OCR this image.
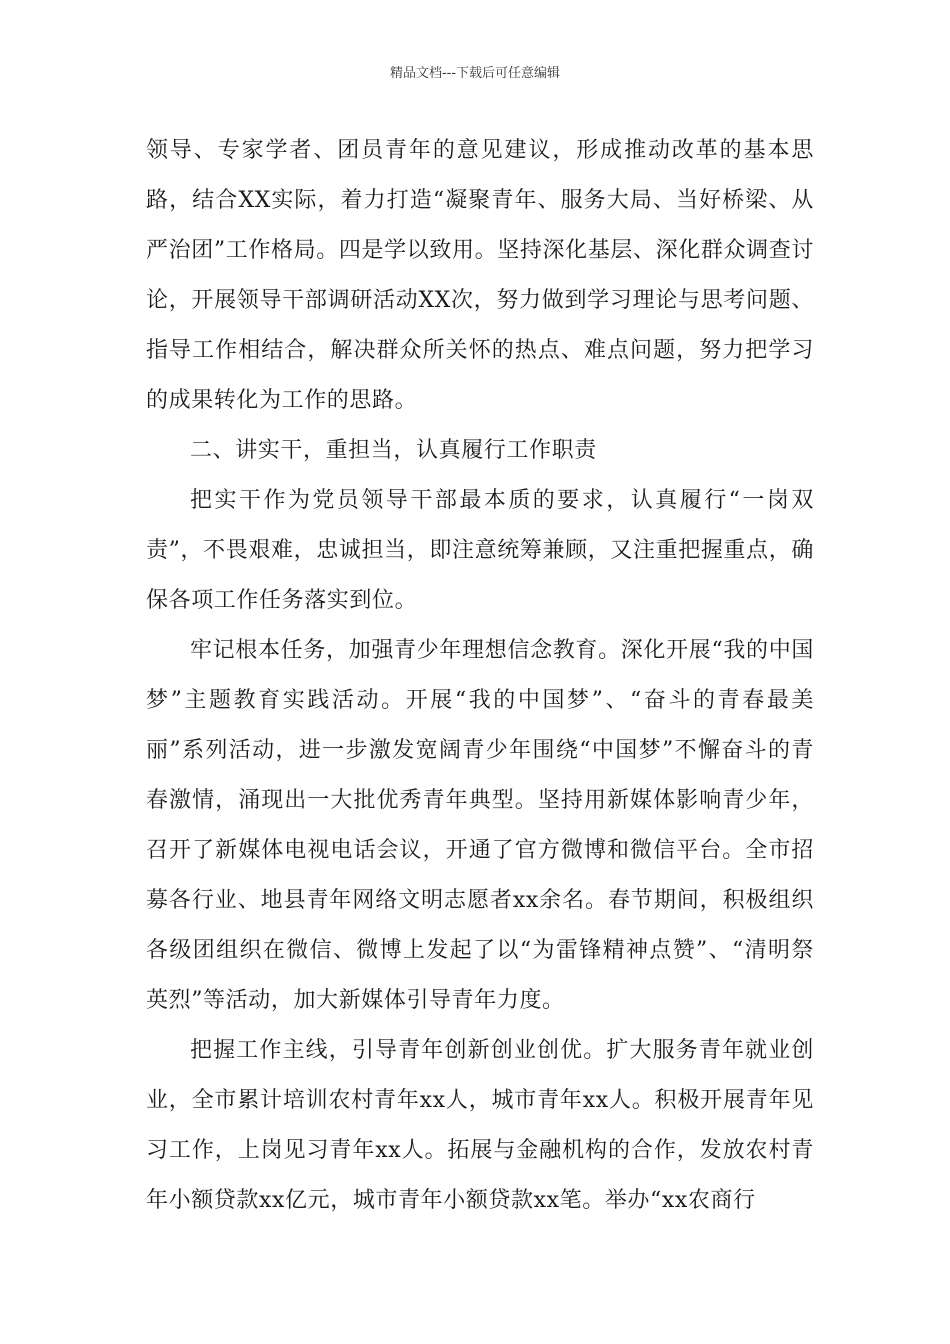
精品文档---下载后可任意编辑

领导、专家学者、团员青年的意见建议，形成推动改革的基本思路，结合XX实际，着力打造“凝聚青年、服务大局、当好桥梁、从严治团”工作格局。四是学以致用。坚持深化基层、深化群众调查讨论，开展领导干部调研活动XX次，努力做到学习理论与思考问题、指导工作相结合，解决群众所关怀的热点、难点问题，努力把学习的成果转化为工作的思路。

二、讲实干，重担当，认真履行工作职责

把实干作为党员领导干部最本质的要求，认真履行“一岗双责”，不畏艰难，忠诚担当，即注意统筹兼顾，又注重把握重点，确保各项工作任务落实到位。

牢记根本任务，加强青少年理想信念教育。深化开展“我的中国梦”主题教育实践活动。开展“我的中国梦”、“奋斗的青春最美丽”系列活动，进一步激发宽阔青少年围绕“中国梦”不懈奋斗的青春激情，涌现出一大批优秀青年典型。坚持用新媒体影响青少年，召开了新媒体电视电话会议，开通了官方微博和微信平台。全市招募各行业、地县青年网络文明志愿者xx余名。春节期间，积极组织各级团组织在微信、微博上发起了以“为雷锋精神点赞”、“清明祭英烈”等活动，加大新媒体引导青年力度。

把握工作主线，引导青年创新创业创优。扩大服务青年就业创业，全市累计培训农村青年xx人，城市青年xx人。积极开展青年见习工作，上岗见习青年xx人。拓展与金融机构的合作，发放农村青年小额贷款xx亿元，城市青年小额贷款xx笔。举办“xx农商行
